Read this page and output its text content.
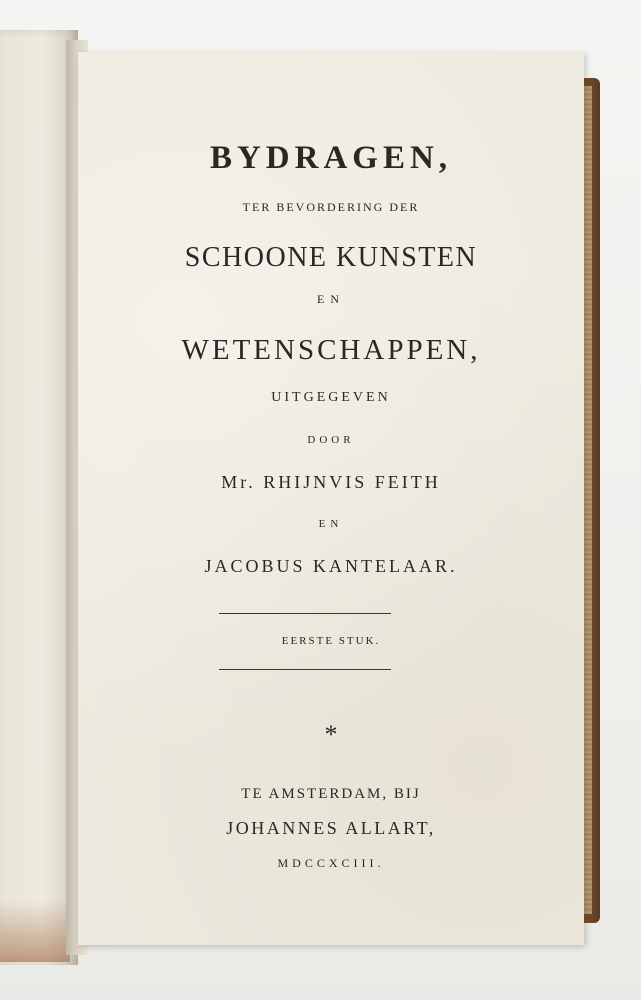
BYDRAGEN,

TER BEVORDERING DER

SCHOONE KUNSTEN

EN

WETENSCHAPPEN,

UITGEGEVEN

DOOR

Mr. RHIJNVIS FEITH

EN

JACOBUS KANTELAAR.

EERSTE STUK.

*

TE AMSTERDAM, BIJ

JOHANNES ALLART,

MDCCXCIII.
